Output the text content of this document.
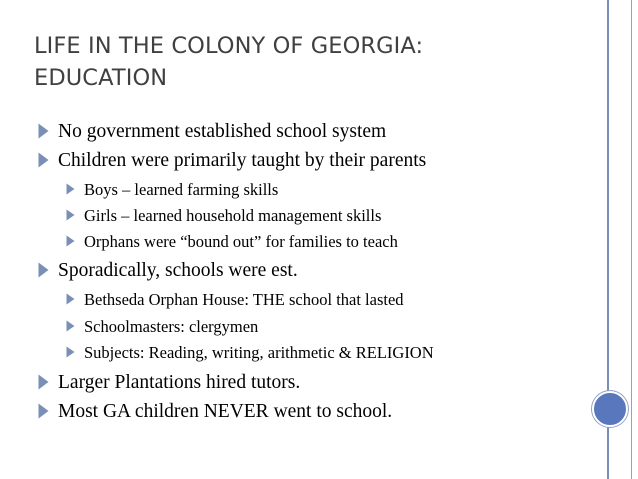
LIFE IN THE COLONY OF GEORGIA:
EDUCATION
No government established school system
Children were primarily taught by their parents
Boys – learned farming skills
Girls – learned household management skills
Orphans were “bound out” for families to teach
Sporadically, schools were est.
Bethseda Orphan House: THE school that lasted
Schoolmasters: clergymen
Subjects: Reading, writing, arithmetic & RELIGION
Larger Plantations hired tutors.
Most GA children NEVER went to school.
